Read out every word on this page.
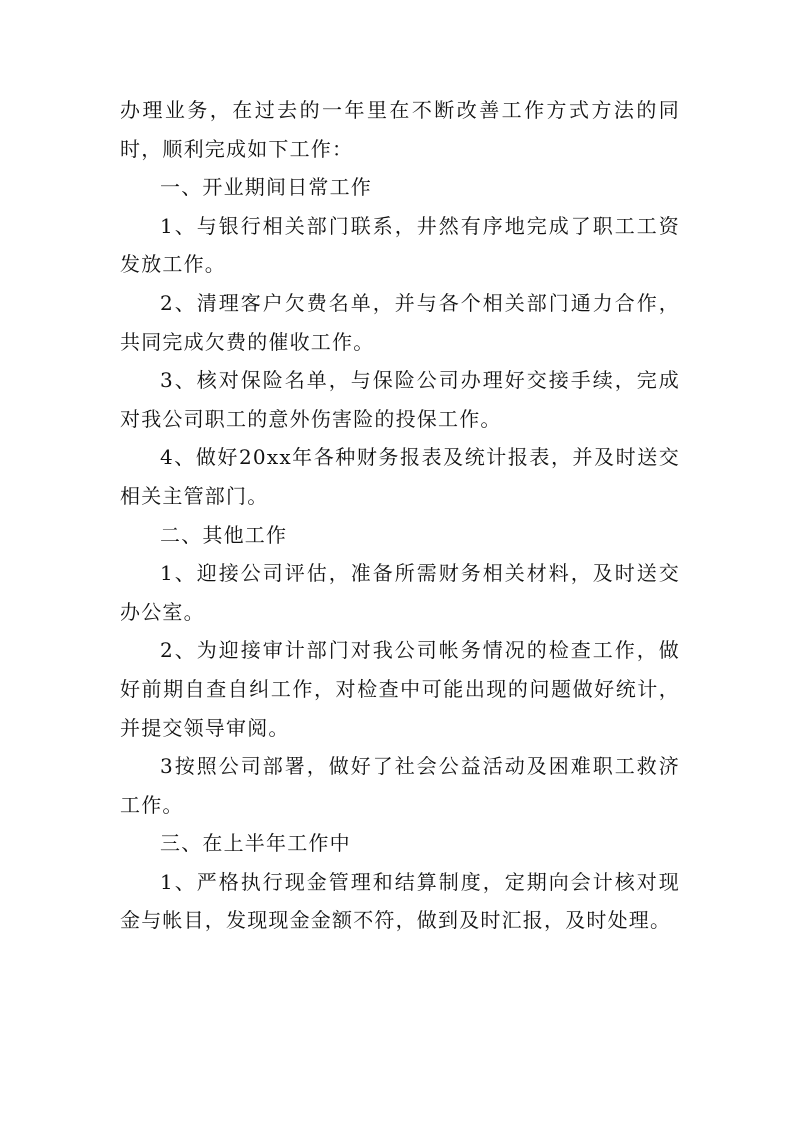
办理业务，在过去的一年里在不断改善工作方式方法的同时，顺利完成如下工作：

一、开业期间日常工作

1、与银行相关部门联系，井然有序地完成了职工工资发放工作。

2、清理客户欠费名单，并与各个相关部门通力合作，共同完成欠费的催收工作。

3、核对保险名单，与保险公司办理好交接手续，完成对我公司职工的意外伤害险的投保工作。

4、做好20xx年各种财务报表及统计报表，并及时送交相关主管部门。

二、其他工作

1、迎接公司评估，准备所需财务相关材料，及时送交办公室。

2、为迎接审计部门对我公司帐务情况的检查工作，做好前期自查自纠工作，对检查中可能出现的问题做好统计，并提交领导审阅。

3按照公司部署，做好了社会公益活动及困难职工救济工作。

三、在上半年工作中

1、严格执行现金管理和结算制度，定期向会计核对现金与帐目，发现现金金额不符，做到及时汇报，及时处理。
